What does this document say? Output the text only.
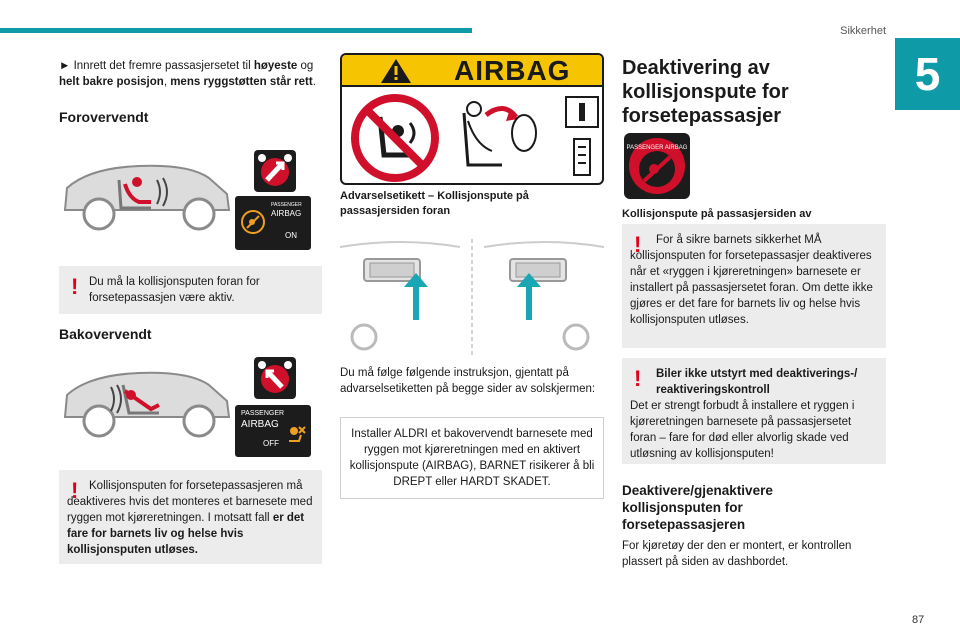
Sikkerhet
5

► Innrett det fremre passasjersetet til høyeste og helt bakre posisjon, mens ryggstøtten står rett.

Forovervendt
PASSENGER
AIRBAG
ON
! Du må la kollisjonsputen foran for forsetepassasjen være aktiv.
Bakovervendt
PASSENGER
AIRBAG
OFF
! Kollisjonsputen for forsetepassasjeren må deaktiveres hvis det monteres et barnesete med ryggen mot kjøreretningen. I motsatt fall er det fare for barnets liv og helse hvis kollisjonsputen utløses.
AIRBAG
Advarselsetikett – Kollisjonspute på passasjersiden foran

Du må følge følgende instruksjon, gjentatt på advarselsetiketten på begge sider av solskjermen:

Installer ALDRI et bakovervendt barnesete med ryggen mot kjøreretningen med en aktivert kollisjonspute (AIRBAG), BARNET risikerer å bli DREPT eller HARDT SKADET.
Deaktivering av kollisjonspute for forsetepassasjer
PASSENGER AIRBAG
Kollisjonspute på passasjersiden av
!	For å sikre barnets sikkerhet MÅ kollisjonsputen for forsetepassasjer deaktiveres når et «ryggen i kjøreretningen» barnesete er installert på passasjersetet foran. Om dette ikke gjøres er det fare for barnets liv og helse hvis kollisjonsputen utløses.
!	Biler ikke utstyrt med deaktiverings-/ reaktiveringskontroll
Det er strengt forbudt å installere et ryggen i kjøreretningen barnesete på passasjersetet foran – fare for død eller alvorlig skade ved utløsning av kollisjonsputen!
Deaktivere/gjenaktivere kollisjonsputen for forsetepassasjeren

For kjøretøy der den er montert, er kontrollen plassert på siden av dashbordet.

87
